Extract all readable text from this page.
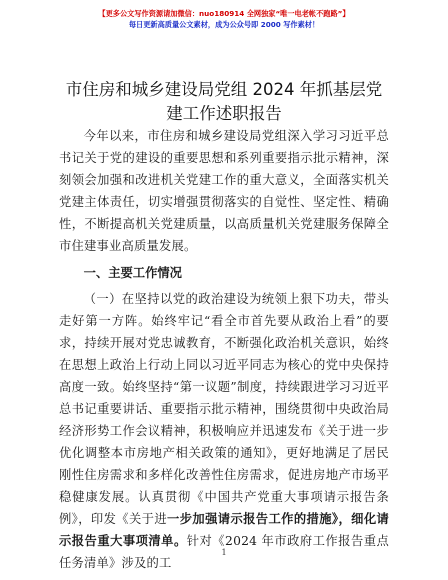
【更多公文写作资源请加微信：nuo180914 全网独家“唯一电老帐不跑路”】
每日更新高质量公文素材，成为公众号即 2000 写作素材！
市住房和城乡建设局党组 2024 年抓基层党建工作述职报告

今年以来，市住房和城乡建设局党组深入学习习近平总书记关于党的建设的重要思想和系列重要指示批示精神，深刻领会加强和改进机关党建工作的重大意义，全面落实机关党建主体责任，切实增强贯彻落实的自觉性、坚定性、精确性，不断提高机关党建质量，以高质量机关党建服务保障全市住建事业高质量发展。

一、主要工作情况

（一）在坚持以党的政治建设为统领上狠下功夫，带头走好第一方阵。始终牢记“看全市首先要从政治上看”的要求，持续开展对党忠诚教育，不断强化政治机关意识，始终在思想上政治上行动上同以习近平同志为核心的党中央保持高度一致。始终坚持“第一议题”制度，持续跟进学习习近平总书记重要讲话、重要指示批示精神，围绕贯彻中央政治局经济形势工作会议精神，积极响应并迅速发布《关于进一步优化调整本市房地产相关政策的通知》，更好地满足了居民刚性住房需求和多样化改善性住房需求，促进房地产市场平稳健康发展。认真贯彻《中国共产党重大事项请示报告条例》，印发《关于进一步加强请示报告工作的措施》，细化请示报告重大事项清单。针对《2024 年市政府工作报告重点任务清单》涉及的工

1
